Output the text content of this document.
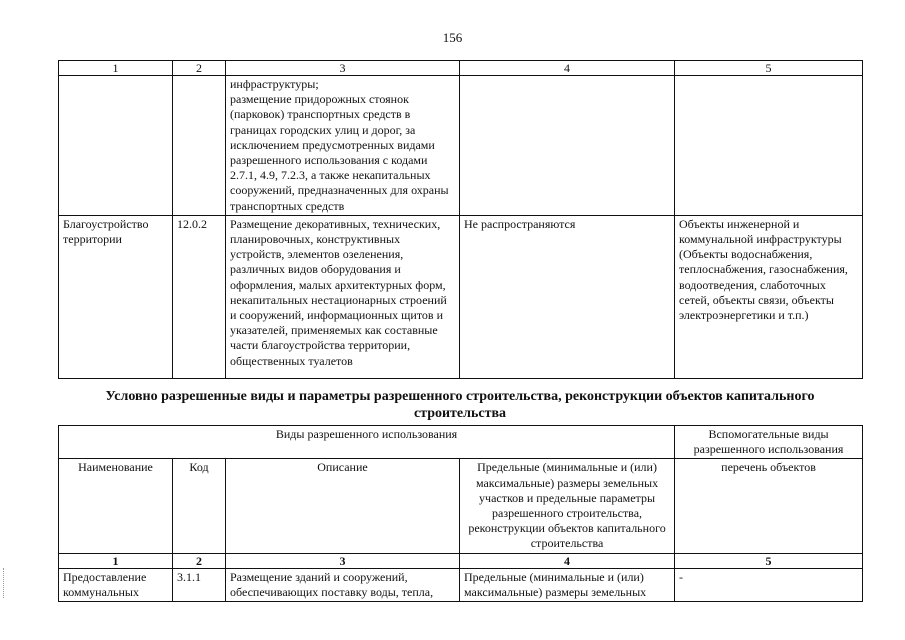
156
1	2	3	4	5
		инфраструктуры;
размещение придорожных стоянок (парковок) транспортных средств в границах городских улиц и дорог, за исключением предусмотренных видами разрешенного использования с кодами 2.7.1, 4.9, 7.2.3, а также некапитальных сооружений, предназначенных для охраны транспортных средств		
Благоустройство территории	12.0.2	Размещение декоративных, технических, планировочных, конструктивных устройств, элементов озеленения, различных видов оборудования и оформления, малых архитектурных форм, некапитальных нестационарных строений и сооружений, информационных щитов и указателей, применяемых как составные части благоустройства территории, общественных туалетов	Не распространяются	Объекты инженерной и коммунальной инфраструктуры (Объекты водоснабжения, теплоснабжения, газоснабжения, водоотведения, слаботочных сетей, объекты связи, объекты электроэнергетики и т.п.)
Условно разрешенные виды и параметры разрешенного строительства, реконструкции объектов капитального строительства
Виды разрешенного использования				Вспомогательные виды разрешенного использования
Наименование	Код	Описание	Предельные (минимальные и (или) максимальные) размеры земельных участков и предельные параметры разрешенного строительства, реконструкции объектов капитального строительства	перечень объектов
1	2	3	4	5
Предоставление коммунальных	3.1.1	Размещение зданий и сооружений, обеспечивающих поставку воды, тепла,	Предельные (минимальные и (или) максимальные) размеры земельных	-
